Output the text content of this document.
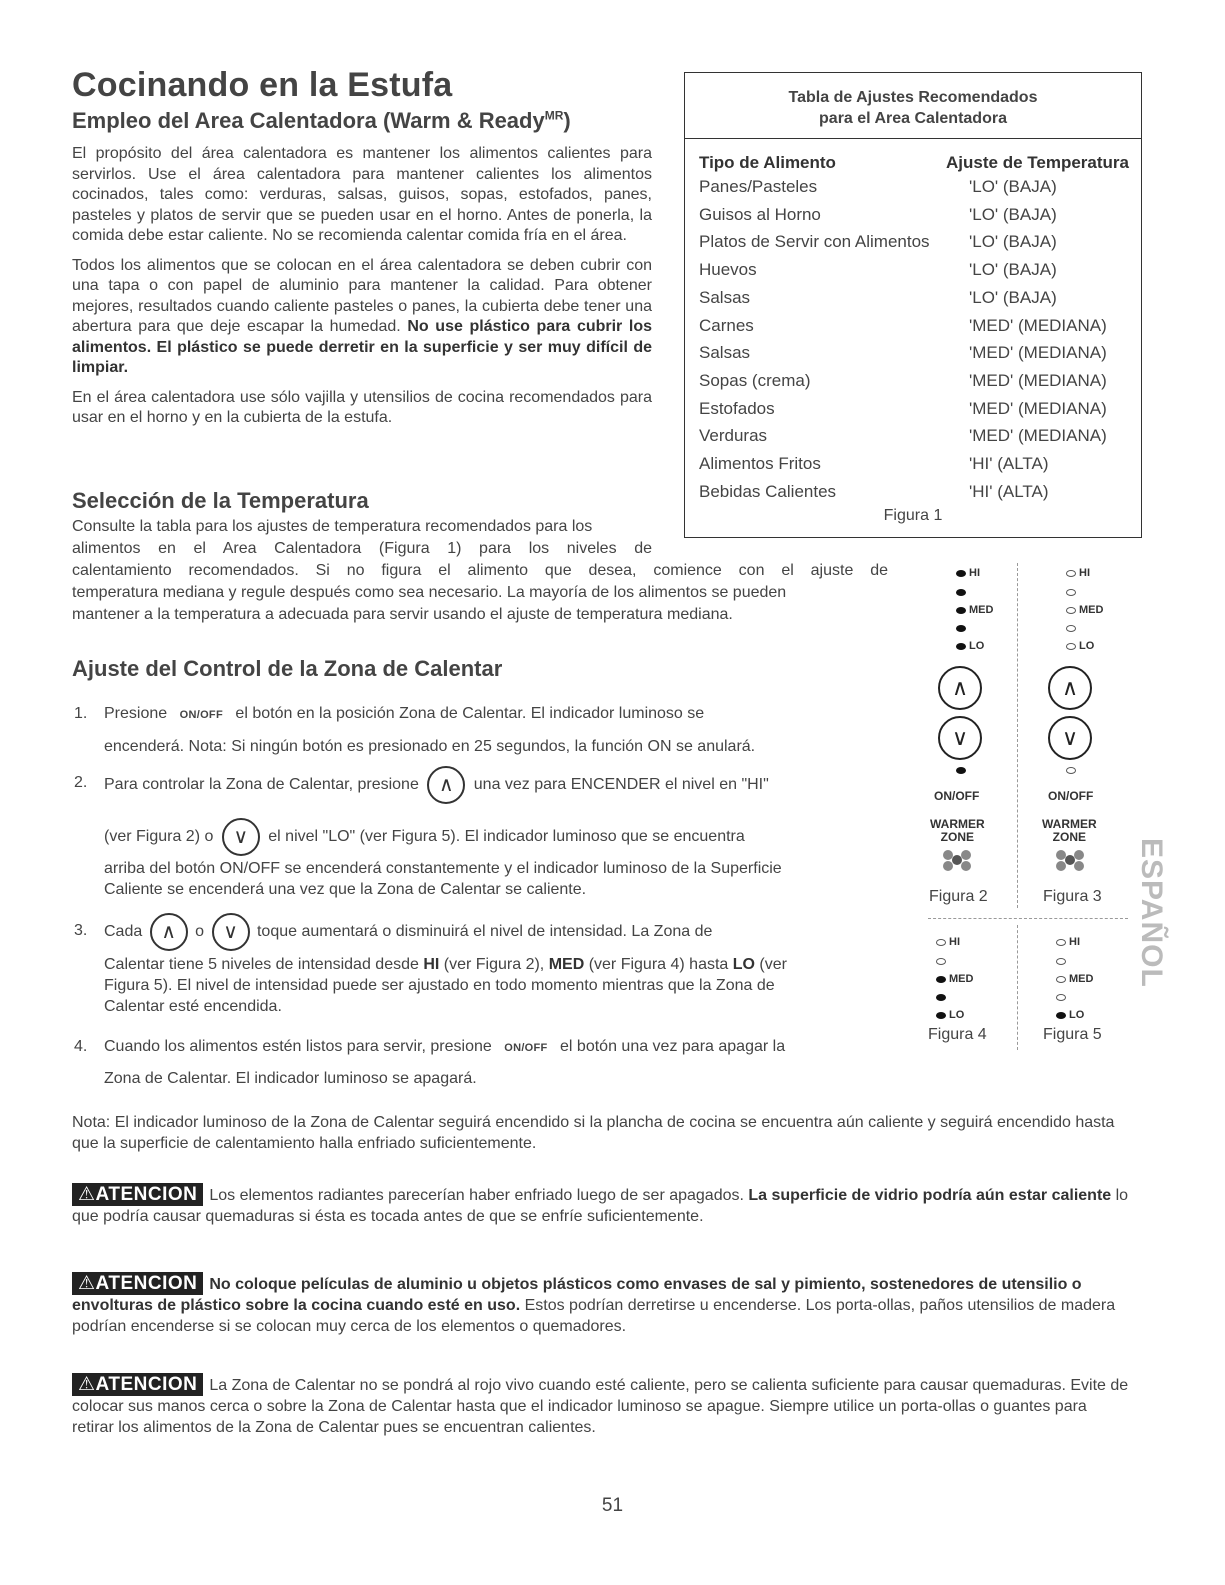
Cocinando en la Estufa
Empleo del Area Calentadora (Warm & Ready$^{MR}$)

El propósito del área calentadora es mantener los alimentos calientes para servirlos. Use el área calentadora para mantener calientes los alimentos cocinados, tales como: verduras, salsas, guisos, sopas, estofados, panes, pasteles y platos de servir que se pueden usar en el horno. Antes de ponerla, la comida debe estar caliente. No se recomienda calentar comida fría en el área.

Todos los alimentos que se colocan en el área calentadora se deben cubrir con una tapa o con papel de aluminio para mantener la calidad. Para obtener mejores, resultados cuando caliente pasteles o panes, la cubierta debe tener una abertura para que deje escapar la humedad. No use plástico para cubrir los alimentos. El plástico se puede derretir en la superficie y ser muy difícil de limpiar.

En el área calentadora use sólo vajilla y utensilios de cocina recomendados para usar en el horno y en la cubierta de la estufa.

Selección de la Temperatura
Consulte la tabla para los ajustes de temperatura recomendados para los
alimentos en el Area Calentadora (Figura 1) para los niveles de
calentamiento recomendados. Si no figura el alimento que desea, comience con el ajuste de
temperatura mediana y regule después como sea necesario. La mayoría de los alimentos se pueden
mantener a la temperatura a adecuada para servir usando el ajuste de temperatura mediana.
Tabla de Ajustes Recomendados
para el Area Calentadora
Tipo de Alimento	Ajuste de Temperatura
Panes/Pasteles	'LO' (BAJA)
Guisos al Horno	'LO' (BAJA)
Platos de Servir con Alimentos 'LO' (BAJA)
Huevos	'LO' (BAJA)
Salsas	'LO' (BAJA)
Carnes	'MED' (MEDIANA)
Salsas	'MED' (MEDIANA)
Sopas (crema)	'MED' (MEDIANA)
Estofados	'MED' (MEDIANA)
Verduras	'MED' (MEDIANA)
Alimentos Fritos	'HI' (ALTA)
Bebidas Calientes	'HI' (ALTA)
Figura 1
Ajuste del Control de la Zona de Calentar
1. Presione ON/OFF el botón en la posición Zona de Calentar. El indicador luminoso se
encenderá. Nota: Si ningún botón es presionado en 25 segundos, la función ON se anulará.
2. Para controlar la Zona de Calentar, presione ∧ una vez para ENCENDER el nivel en "HI"
(ver Figura 2) o ∨ el nivel "LO" (ver Figura 5). El indicador luminoso que se encuentra
arriba del botón ON/OFF se encenderá constantemente y el indicador luminoso de la Superficie
Caliente se encenderá una vez que la Zona de Calentar se caliente.
3. Cada ∧ o ∨ toque aumentará o disminuirá el nivel de intensidad. La Zona de
Calentar tiene 5 niveles de intensidad desde HI (ver Figura 2), MED (ver Figura 4) hasta LO (ver
Figura 5). El nivel de intensidad puede ser ajustado en todo momento mientras que la Zona de
Calentar esté encendida.
4. Cuando los alimentos estén listos para servir, presione ON/OFF el botón una vez para apagar la
Zona de Calentar. El indicador luminoso se apagará.
HI
MED
LO
∧
∨
ON/OFF
WARMER
ZONE
Figura 2
HI
MED
LO
∧
∨
ON/OFF
WARMER
ZONE
Figura 3
HI
MED
LO
Figura 4
HI
MED
LO
Figura 5
Nota: El indicador luminoso de la Zona de Calentar seguirá encendido si la plancha de cocina se encuentra aún caliente y seguirá encendido hasta que la superficie de calentamiento halla enfriado suficientemente.
⚠ATENCION Los elementos radiantes parecerían haber enfriado luego de ser apagados. La superficie de vidrio podría aún estar caliente lo que podría causar quemaduras si ésta es tocada antes de que se enfríe suficientemente.
⚠ATENCION No coloque películas de aluminio u objetos plásticos como envases de sal y pimiento, sostenedores de utensilio o envolturas de plástico sobre la cocina cuando esté en uso. Estos podrían derretirse u encenderse. Los porta-ollas, paños utensilios de madera podrían encenderse si se colocan muy cerca de los elementos o quemadores.
⚠ATENCION La Zona de Calentar no se pondrá al rojo vivo cuando esté caliente, pero se calienta suficiente para causar quemaduras. Evite de colocar sus manos cerca o sobre la Zona de Calentar hasta que el indicador luminoso se apague. Siempre utilice un porta-ollas o guantes para retirar los alimentos de la Zona de Calentar pues se encuentran calientes.
ESPAÑOL
51
